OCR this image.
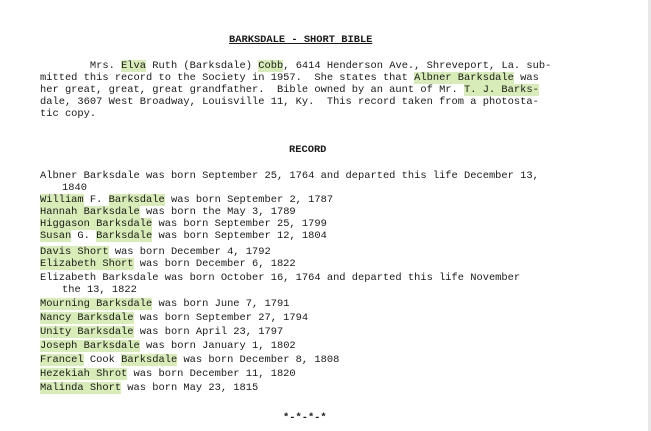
BARKSDALE - SHORT BIBLE
Mrs. Elva Ruth (Barksdale) Cobb, 6414 Henderson Ave., Shreveport, La. sub-
mitted this record to the Society in 1957.  She states that Albner Barksdale was
her great, great, great grandfather.  Bible owned by an aunt of Mr. T. J. Barks-
dale, 3607 West Broadway, Louisville 11, Ky.  This record taken from a photosta-
tic copy.
RECORD
Albner Barksdale was born September 25, 1764 and departed this life December 13,
1840
William F. Barksdale was born September 2, 1787
Hannah Barksdale was born the May 3, 1789
Higgason Barksdale was born September 25, 1799
Susan G. Barksdale was born September 12, 1804
Davis Short was born December 4, 1792
Elizabeth Short was born December 6, 1822
Elizabeth Barksdale was born October 16, 1764 and departed this life November
the 13, 1822
Mourning Barksdale was born June 7, 1791
Nancy Barksdale was born September 27, 1794
Unity Barksdale was born April 23, 1797
Joseph Barksdale was born January 1, 1802
Francel Cook Barksdale was born December 8, 1808
Hezekiah Shrot was born December 11, 1820
Malinda Short was born May 23, 1815
*-*-*-*
